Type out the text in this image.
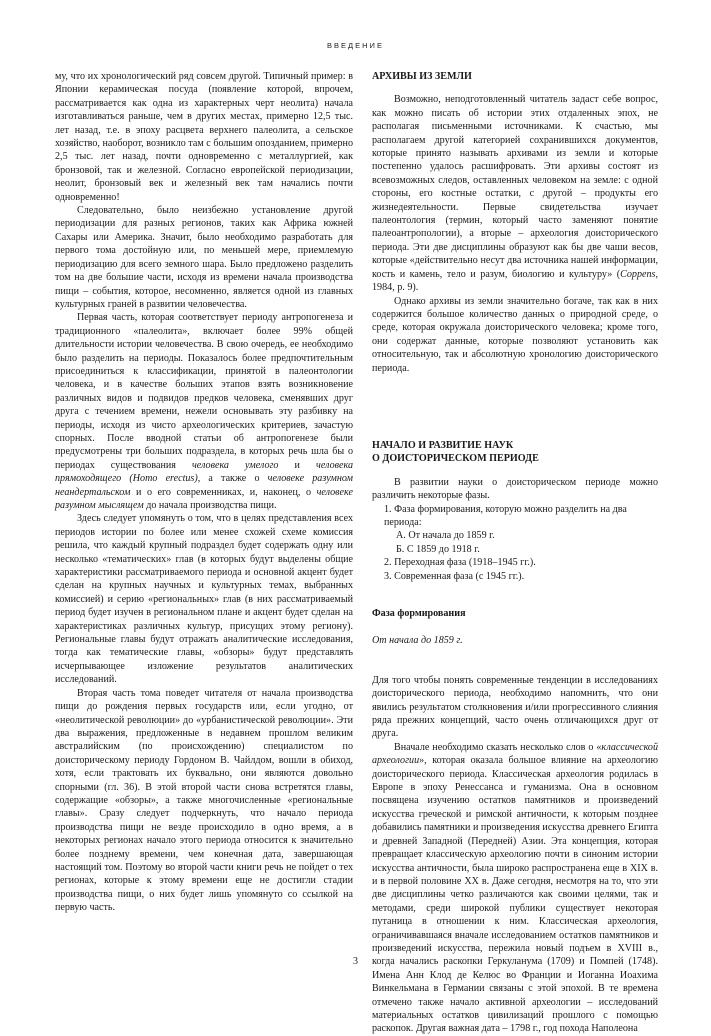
ВВЕДЕНИЕ

му, что их хронологический ряд совсем другой. Типичный пример: в Японии керамическая посуда (появление которой, впрочем, рассматривается как одна из характерных черт неолита) начала изготавливаться раньше, чем в других местах, примерно 12,5 тыс. лет назад, т.е. в эпоху расцвета верхнего палеолита, а сельское хозяйство, наоборот, возникло там с большим опозданием, примерно 2,5 тыс. лет назад, почти одновременно с металлургией, как бронзовой, так и железной. Согласно европейской периодизации, неолит, бронзовый век и железный век там начались почти одновременно!

Следовательно, было неизбежно установление другой периодизации для разных регионов, таких как Африка южней Сахары или Америка. Значит, было необходимо разработать для первого тома достойную или, по меньшей мере, приемлемую периодизацию для всего земного шара. Было предложено разделить том на две большие части, исходя из времени начала производства пищи – события, которое, несомненно, является одной из главных культурных граней в развитии человечества.

Первая часть, которая соответствует периоду антропогенеза и традиционного «палеолита», включает более 99% общей длительности истории человечества. В свою очередь, ее необходимо было разделить на периоды. Показалось более предпочтительным присоединиться к классификации, принятой в палеонтологии человека, и в качестве больших этапов взять возникновение различных видов и подвидов предков человека, сменявших друг друга с течением времени, нежели основывать эту разбивку на периоды, исходя из чисто археологических критериев, зачастую спорных. После вводной статьи об антропогенезе были предусмотрены три больших подраздела, в которых речь шла бы о периодах существования человека умелого и человека прямоходящего (Homo erectus), а также о человеке разумном неандертальском и о его современниках, и, наконец, о человеке разумном мыслящем до начала производства пищи.

Здесь следует упомянуть о том, что в целях представления всех периодов истории по более или менее схожей схеме комиссия решила, что каждый крупный подраздел будет содержать одну или несколько «тематических» глав (в которых будут выделены общие характеристики рассматриваемого периода и основной акцент будет сделан на крупных научных и культурных темах, выбранных комиссией) и серию «региональных» глав (в них рассматриваемый период будет изучен в региональном плане и акцент будет сделан на характеристиках различных культур, присущих этому региону). Региональные главы будут отражать аналитические исследования, тогда как тематические главы, «обзоры» будут представлять исчерпывающее изложение результатов аналитических исследований.

Вторая часть тома поведет читателя от начала производства пищи до рождения первых государств или, если угодно, от «неолитической революции» до «урбанистической революции». Эти два выражения, предложенные в недавнем прошлом великим австралийским (по происхождению) специалистом по доисторическому периоду Гордоном В. Чайлдом, вошли в обиход, хотя, если трактовать их буквально, они являются довольно спорными (гл. 36). В этой второй части снова встретятся главы, содержащие «обзоры», а также многочисленные «региональные главы». Сразу следует подчеркнуть, что начало периода производства пищи не везде происходило в одно время, а в некоторых регионах начало этого периода относится к значительно более позднему времени, чем конечная дата, завершающая настоящий том. Поэтому во второй части книги речь не пойдет о тех регионах, которые к этому времени еще не достигли стадии производства пищи, о них будет лишь упомянуто со ссылкой на первую часть.

АРХИВЫ ИЗ ЗЕМЛИ

Возможно, неподготовленный читатель задаст себе вопрос, как можно писать об истории этих отдаленных эпох, не располагая письменными источниками. К счастью, мы располагаем другой категорией сохранившихся документов, которые принято называть архивами из земли и которые постепенно удалось расшифровать. Эти архивы состоят из всевозможных следов, оставленных человеком на земле: с одной стороны, его костные остатки, с другой – продукты его жизнедеятельности. Первые свидетельства изучает палеонтология (термин, который часто заменяют понятие палеоантропологии), а вторые – археология доисторического периода. Эти две дисциплины образуют как бы две чаши весов, которые «действительно несут два источника нашей информации, кость и камень, тело и разум, биологию и культуру» (Coppens, 1984, р. 9).

Однако архивы из земли значительно богаче, так как в них содержится большое количество данных о природной среде, о среде, которая окружала доисторического человека; кроме того, они содержат данные, которые позволяют установить как относительную, так и абсолютную хронологию доисторического периода.

НАЧАЛО И РАЗВИТИЕ НАУК
О ДОИСТОРИЧЕСКОМ ПЕРИОДЕ

В развитии науки о доисторическом периоде можно различить некоторые фазы.

1. Фаза формирования, которую можно разделить на два периода:

А. От начала до 1859 г.

Б. С 1859 до 1918 г.

2. Переходная фаза (1918–1945 гг.).

3. Современная фаза (с 1945 гг.).

Фаза формирования
От начала до 1859 г.

Для того чтобы понять современные тенденции в исследованиях доисторического периода, необходимо напомнить, что они явились результатом столкновения и/или прогрессивного слияния ряда прежних концепций, часто очень отличающихся друг от друга.

Вначале необходимо сказать несколько слов о «классической археологии», которая оказала большое влияние на археологию доисторического периода. Классическая археология родилась в Европе в эпоху Ренессанса и гуманизма. Она в основном посвящена изучению остатков памятников и произведений искусства греческой и римской античности, к которым позднее добавились памятники и произведения искусства древнего Египта и древней Западной (Передней) Азии. Эта концепция, которая превращает классическую археологию почти в синоним истории искусства античности, была широко распространена еще в XIX в. и в первой половине XX в. Даже сегодня, несмотря на то, что эти две дисциплины четко различаются как своими целями, так и методами, среди широкой публики существует некоторая путаница в отношении к ним. Классическая археология, ограничивавшаяся вначале исследованием остатков памятников и произведений искусства, пережила новый подъем в XVIII в., когда начались раскопки Геркуланума (1709) и Помпей (1748). Имена Анн Клод де Келюс во Франции и Иоганна Иоахима Винкельмана в Германии связаны с этой эпохой. В те времена отмечено также начало активной археологии – исследований материальных остатков цивилизаций прошлого с помощью раскопок. Другая важная дата – 1798 г., год похода Наполеона

3
